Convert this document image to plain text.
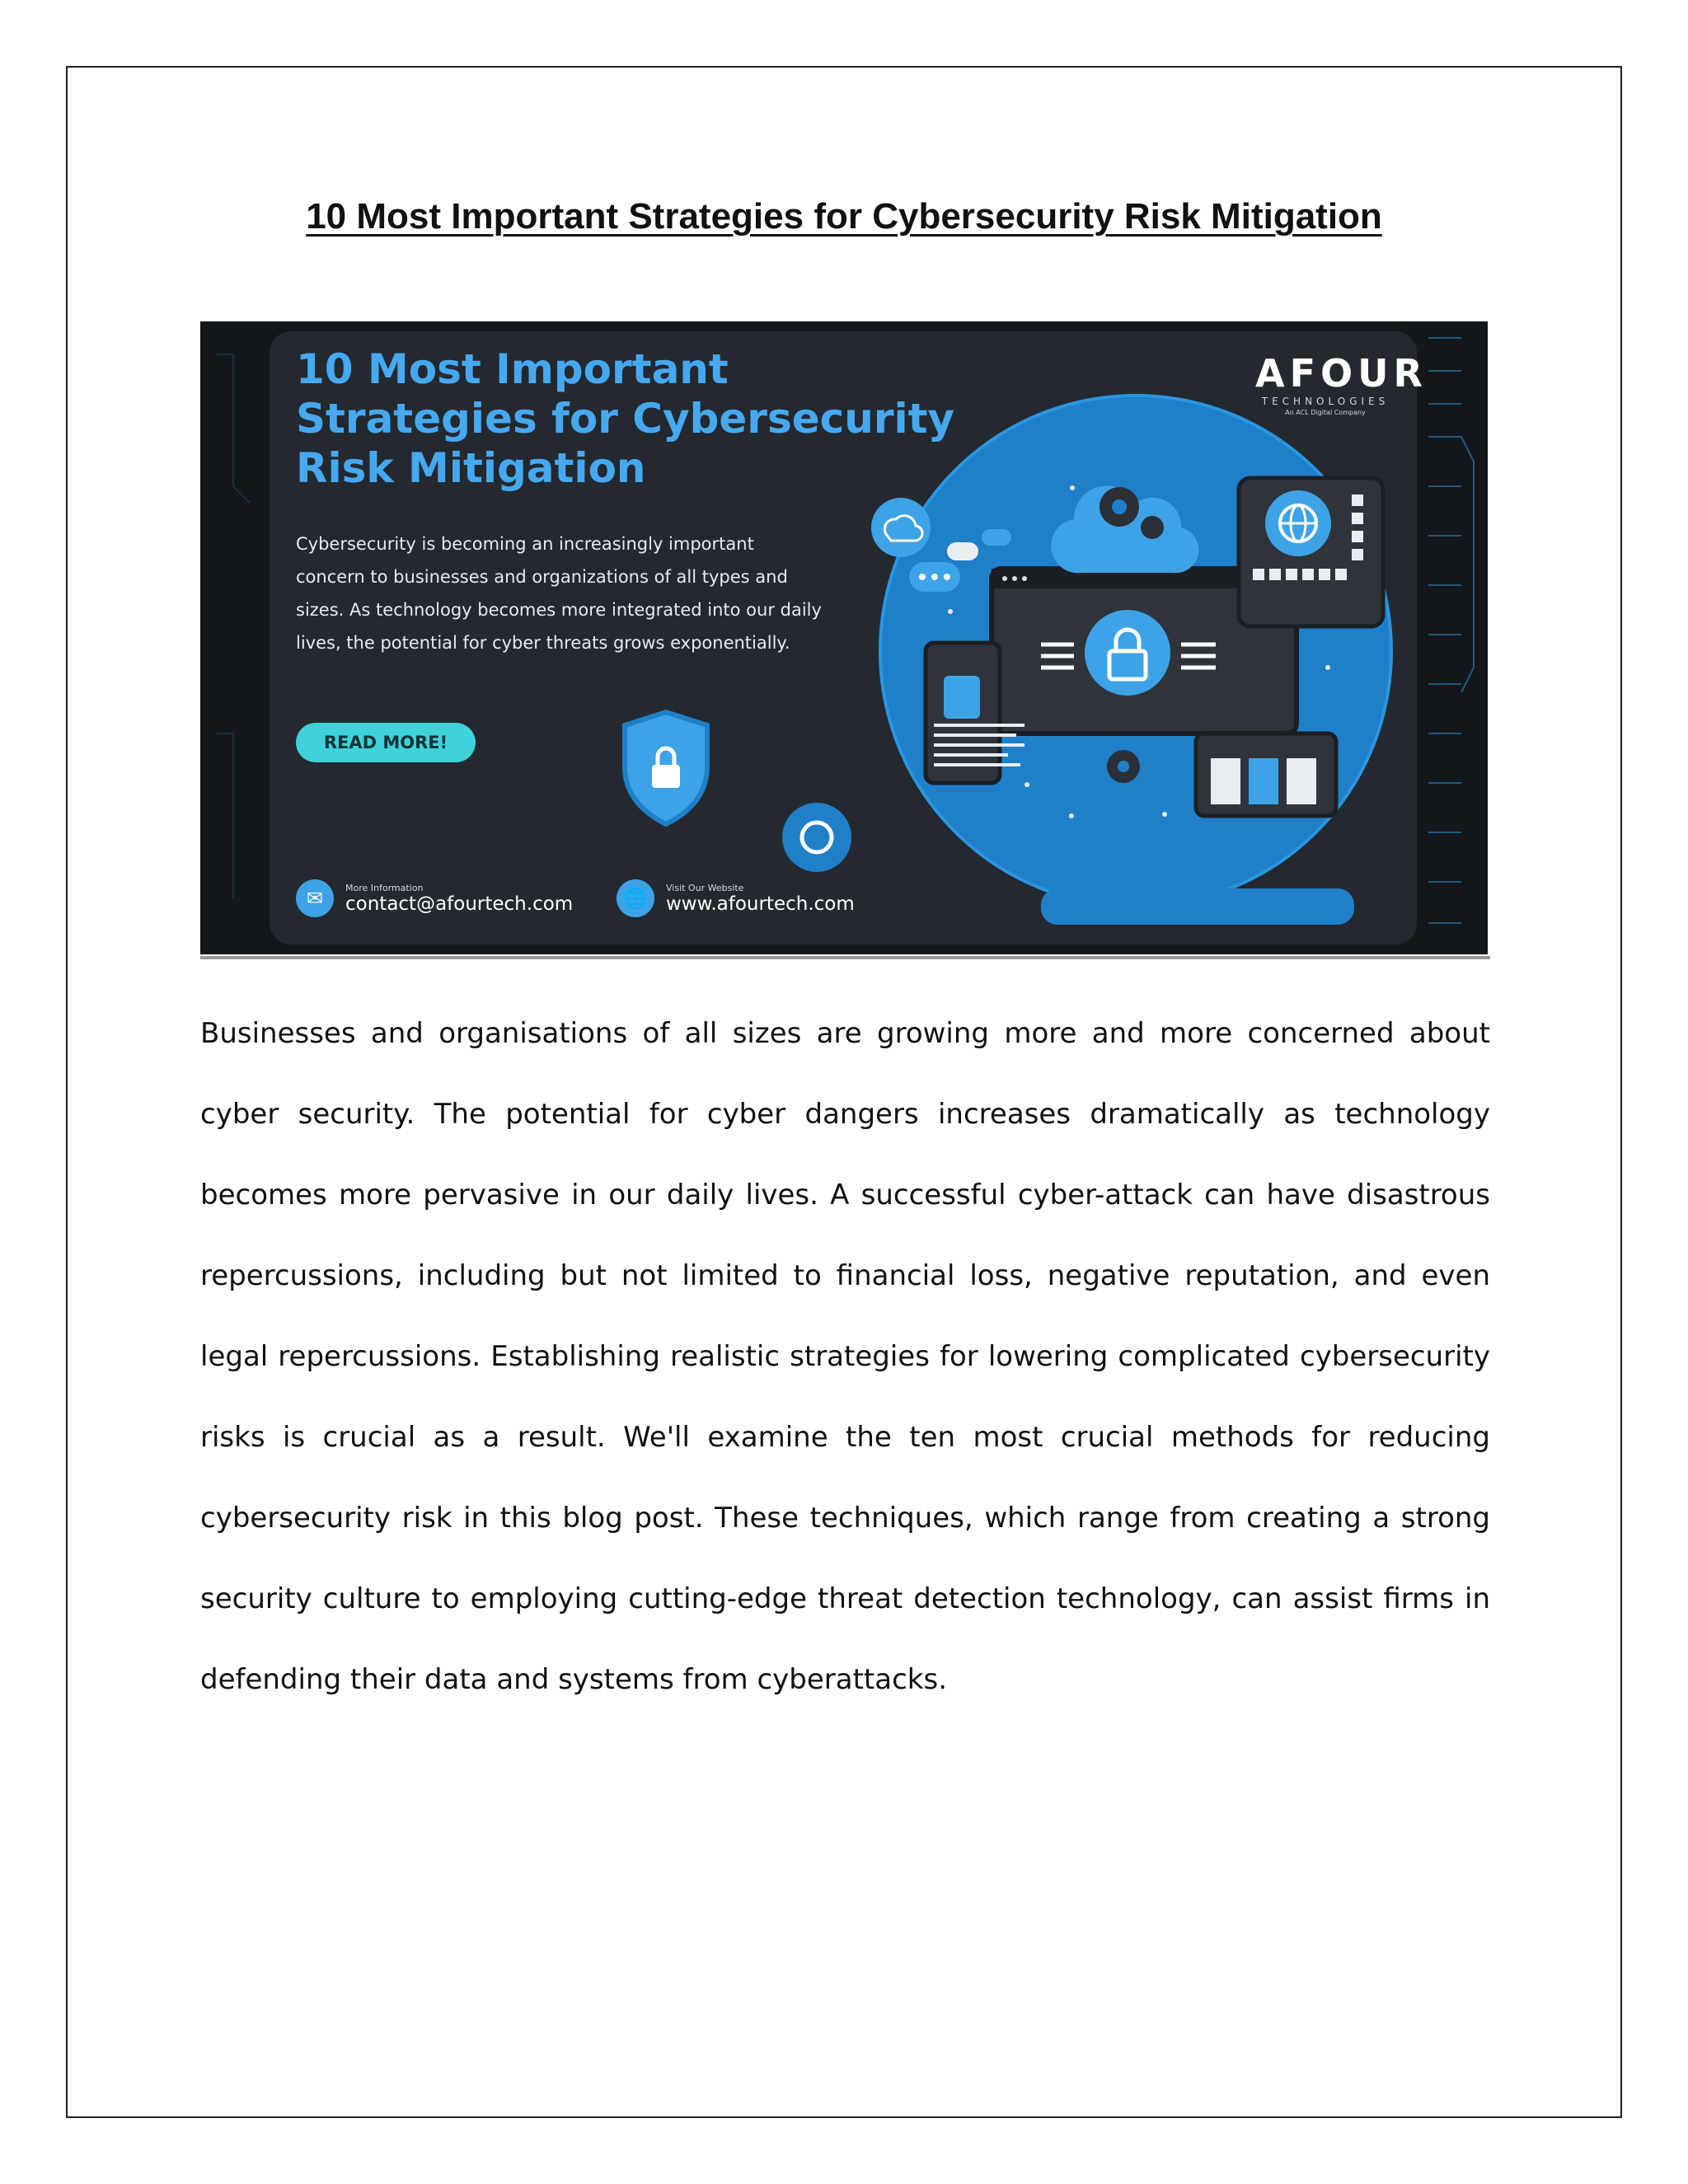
10 Most Important Strategies for Cybersecurity Risk Mitigation
10 Most Important Strategies for Cybersecurity Risk Mitigation
Cybersecurity is becoming an increasingly important concern to businesses and organizations of all types and sizes. As technology becomes more integrated into our daily lives, the potential for cyber threats grows exponentially.
READ MORE!
✉	More Information
contact@afourtech.com	🌐	Visit Our Website
www.afourtech.com
AFOUR
TECHNOLOGIES
An ACL Digital Company

Businesses and organisations of all sizes are growing more and more concerned about cyber security. The potential for cyber dangers increases dramatically as technology becomes more pervasive in our daily lives. A successful cyber-attack can have disastrous repercussions, including but not limited to financial loss, negative reputation, and even legal repercussions. Establishing realistic strategies for lowering complicated cybersecurity risks is crucial as a result. We'll examine the ten most crucial methods for reducing cybersecurity risk in this blog post. These techniques, which range from creating a strong security culture to employing cutting-edge threat detection technology, can assist firms in defending their data and systems from cyberattacks.
